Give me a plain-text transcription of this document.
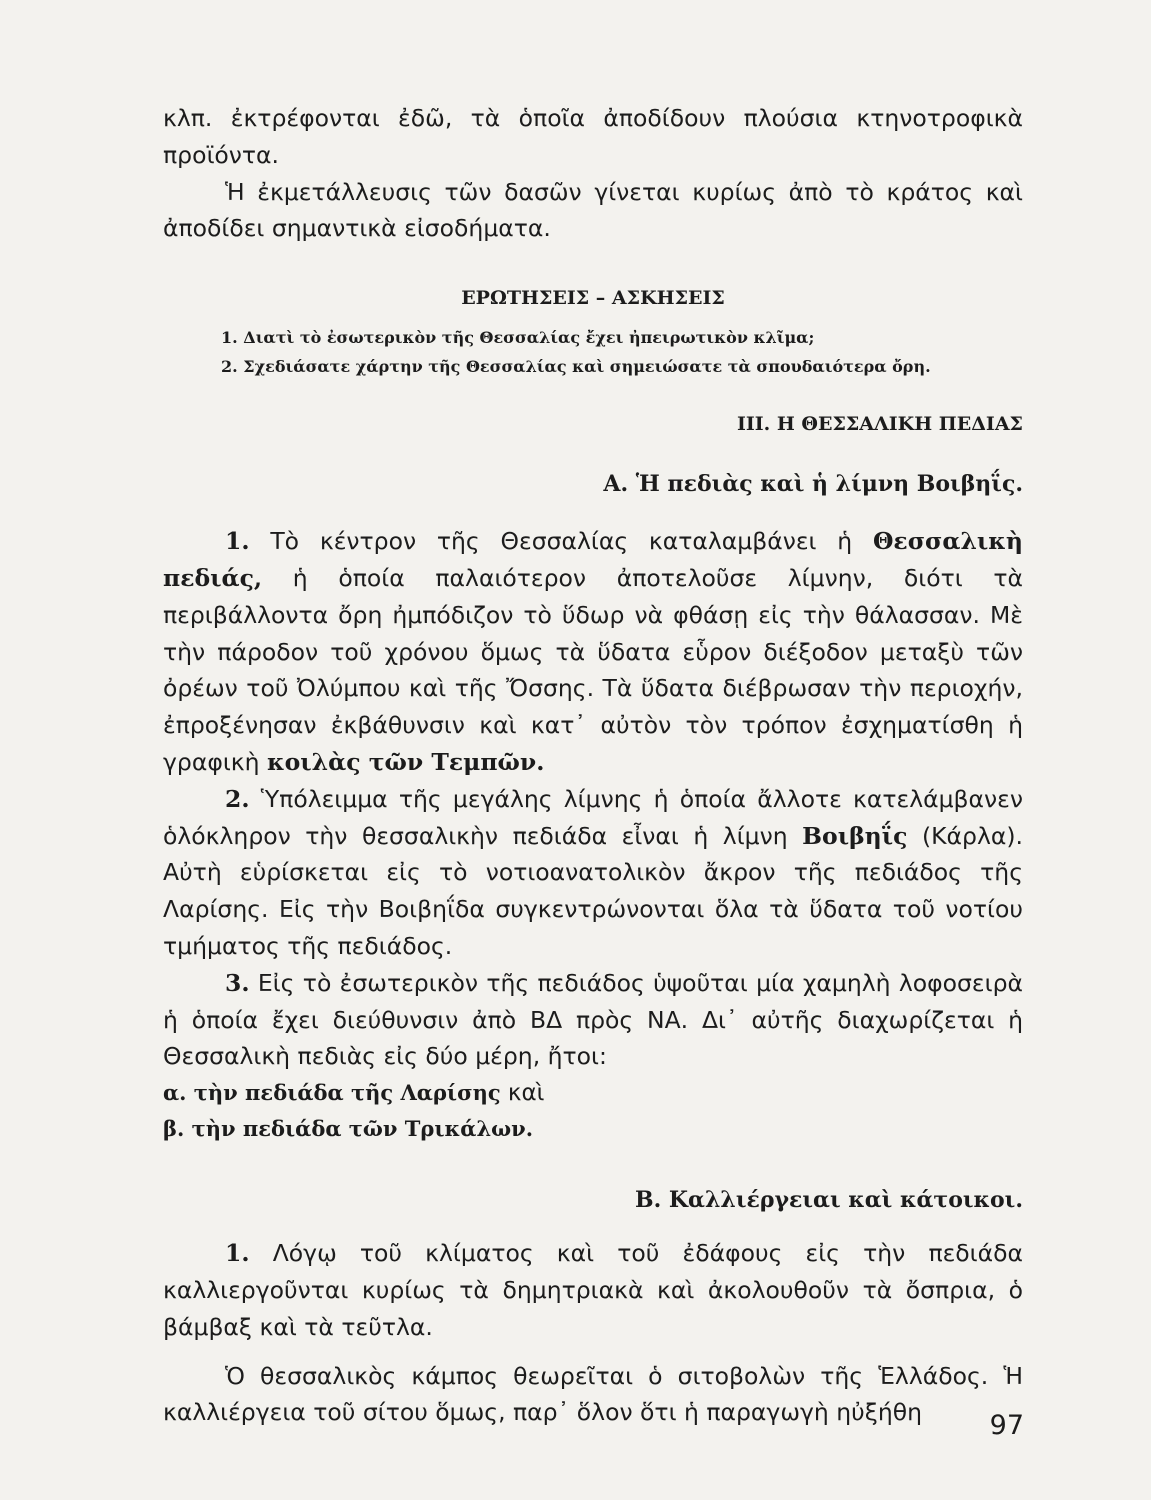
κλπ. ἐκτρέφονται ἐδῶ, τὰ ὁποῖα ἀποδίδουν πλούσια κτηνοτροφικὰ προϊόντα.

Ἡ ἐκμετάλλευσις τῶν δασῶν γίνεται κυρίως ἀπὸ τὸ κράτος καὶ ἀποδίδει σημαντικὰ εἰσοδήματα.

ΕΡΩΤΗΣΕΙΣ – ΑΣΚΗΣΕΙΣ

1. Διατὶ τὸ ἐσωτερικὸν τῆς Θεσσαλίας ἔχει ἠπειρωτικὸν κλῖμα;

2. Σχεδιάσατε χάρτην τῆς Θεσσαλίας καὶ σημειώσατε τὰ σπουδαιότερα ὄρη.

ΙΙΙ. Η ΘΕΣΣΑΛΙΚΗ ΠΕΔΙΑΣ
Α. Ἡ πεδιὰς καὶ ἡ λίμνη Βοιβηΐς.

1. Τὸ κέντρον τῆς Θεσσαλίας καταλαμβάνει ἡ Θεσσαλικὴ πεδιάς, ἡ ὁποία παλαιότερον ἀποτελοῦσε λίμνην, διότι τὰ περιβάλλοντα ὄρη ἠμπόδιζον τὸ ὕδωρ νὰ φθάσῃ εἰς τὴν θάλασσαν. Μὲ τὴν πάροδον τοῦ χρόνου ὅμως τὰ ὕδατα εὗρον διέξοδον μεταξὺ τῶν ὀρέων τοῦ Ὀλύμπου καὶ τῆς Ὄσσης. Τὰ ὕδατα διέβρωσαν τὴν περιοχήν, ἐπροξένησαν ἐκβάθυνσιν καὶ κατ᾿ αὐτὸν τὸν τρόπον ἐσχηματίσθη ἡ γραφικὴ κοιλὰς τῶν Τεμπῶν.

2. Ὑπόλειμμα τῆς μεγάλης λίμνης ἡ ὁποία ἄλλοτε κατελάμβανεν ὁλόκληρον τὴν θεσσαλικὴν πεδιάδα εἶναι ἡ λίμνη Βοιβηΐς (Κάρλα). Αὐτὴ εὑρίσκεται εἰς τὸ νοτιοανατολικὸν ἄκρον τῆς πεδιάδος τῆς Λαρίσης. Εἰς τὴν Βοιβηΐδα συγκεντρώνονται ὅλα τὰ ὕδατα τοῦ νοτίου τμήματος τῆς πεδιάδος.

3. Εἰς τὸ ἐσωτερικὸν τῆς πεδιάδος ὑψοῦται μία χαμηλὴ λοφοσειρὰ ἡ ὁποία ἔχει διεύθυνσιν ἀπὸ ΒΔ πρὸς ΝΑ. Δι᾿ αὐτῆς διαχωρίζεται ἡ Θεσσαλικὴ πεδιὰς εἰς δύο μέρη, ἤτοι:

α. τὴν πεδιάδα τῆς Λαρίσης καὶ

β. τὴν πεδιάδα τῶν Τρικάλων.

Β. Καλλιέργειαι καὶ κάτοικοι.

1. Λόγῳ τοῦ κλίματος καὶ τοῦ ἐδάφους εἰς τὴν πεδιάδα καλλιεργοῦνται κυρίως τὰ δημητριακὰ καὶ ἀκολουθοῦν τὰ ὄσπρια, ὁ βάμβαξ καὶ τὰ τεῦτλα.

Ὁ θεσσαλικὸς κάμπος θεωρεῖται ὁ σιτοβολὼν τῆς Ἑλλάδος. Ἡ καλλιέργεια τοῦ σίτου ὅμως, παρ᾿ ὅλον ὅτι ἡ παραγωγὴ ηὐξήθη	97
